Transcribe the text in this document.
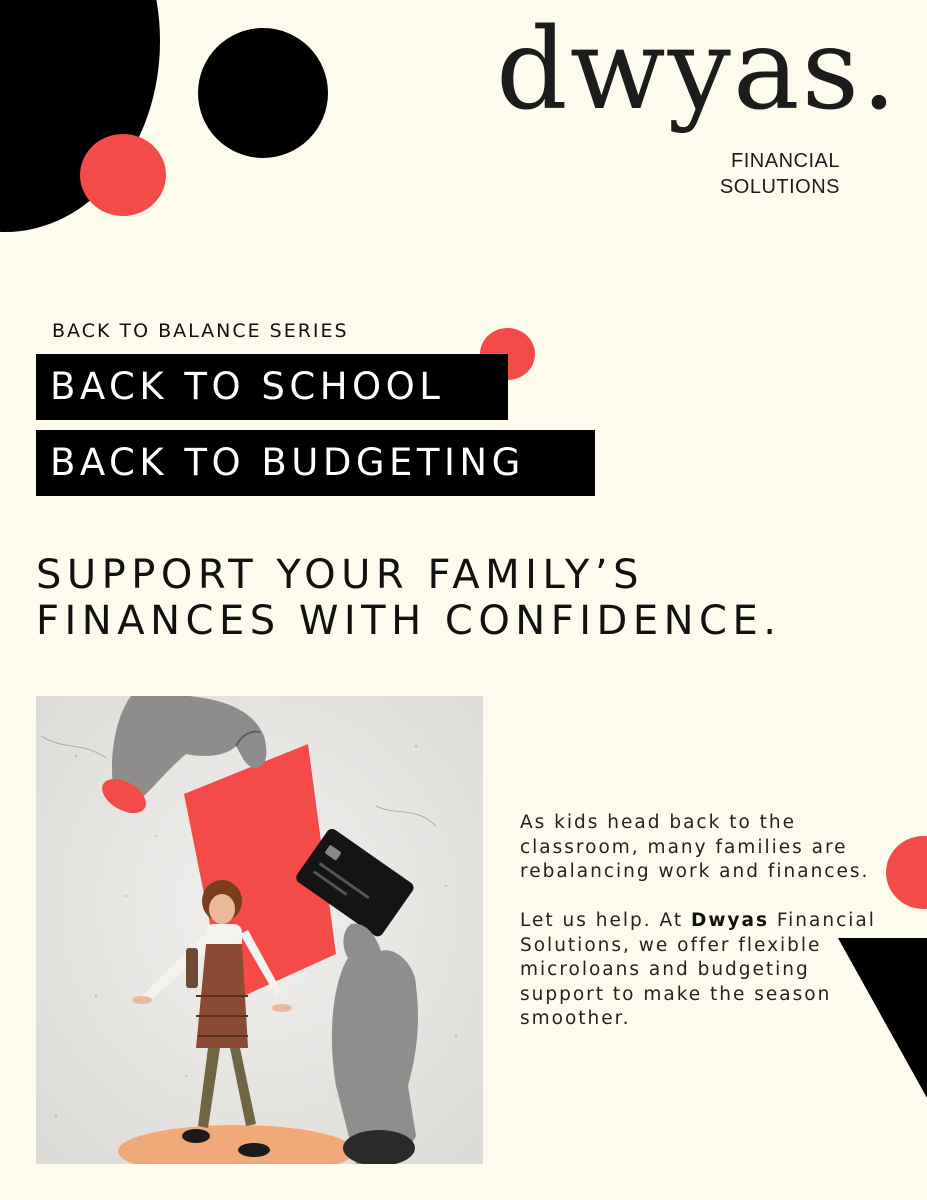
dwyas.
FINANCIAL
SOLUTIONS
BACK TO BALANCE SERIES
BACK TO SCHOOL
BACK TO BUDGETING
SUPPORT YOUR FAMILY’S
FINANCES WITH CONFIDENCE.

As kids head back to the classroom, many families are rebalancing work and finances.

Let us help. At Dwyas Financial Solutions, we offer flexible microloans and budgeting support to make the season smoother.
